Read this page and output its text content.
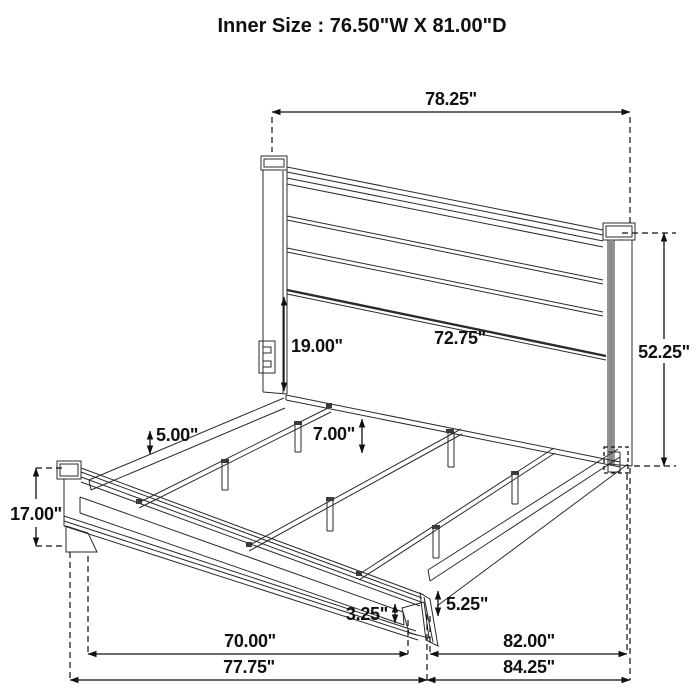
78.25"
52.25"
19.00"	72.75"
5.00"	7.00"
17.00"
3.25"	5.25"
70.00"	82.00"
77.75"	84.25"
Inner Size : 76.50"W X 81.00"D
